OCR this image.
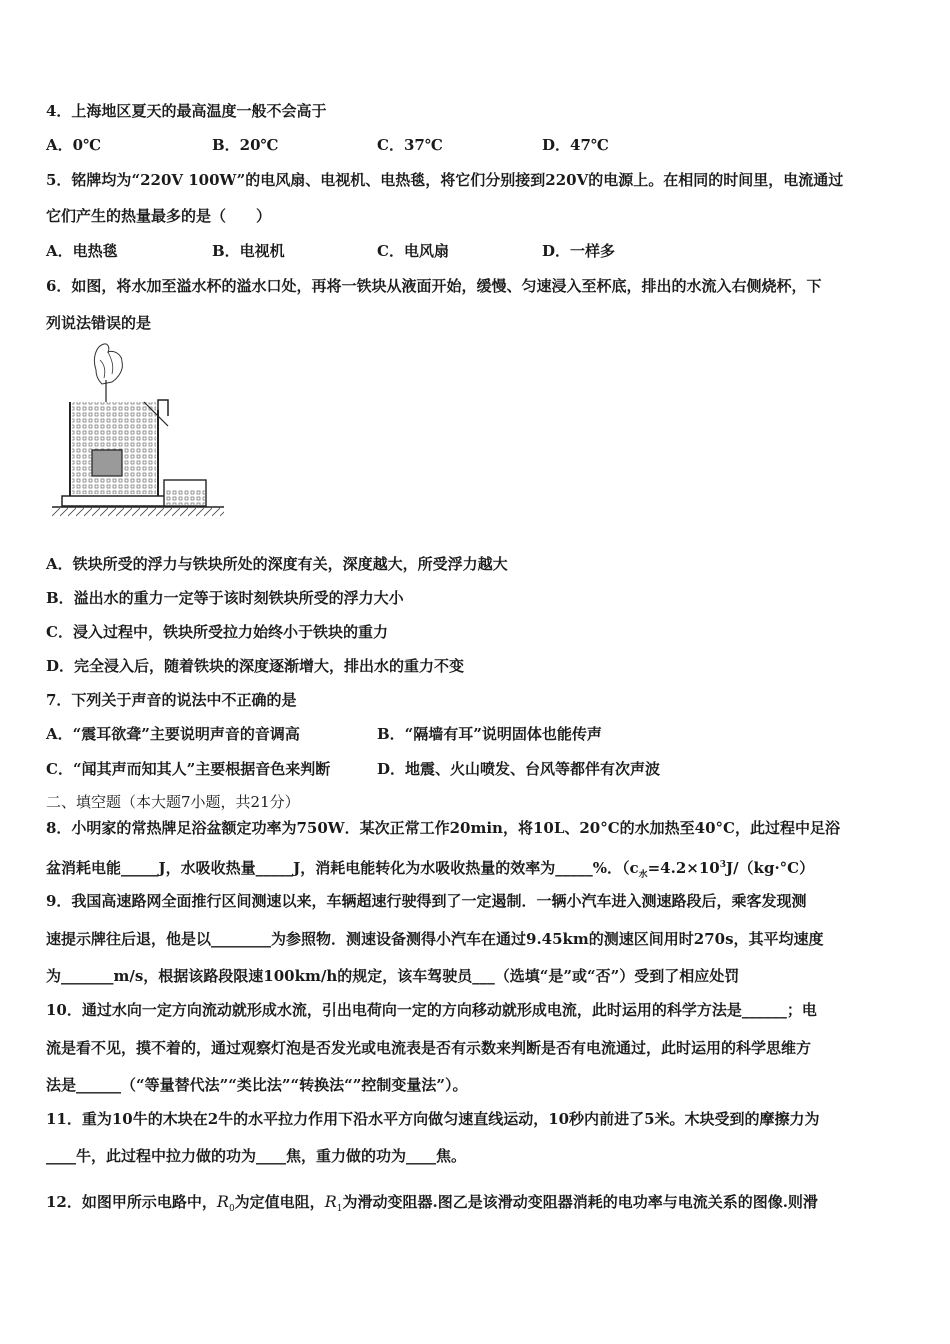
4．上海地区夏天的最高温度一般不会高于
A．0℃	B．20℃	C．37℃	D．47℃
5．铭牌均为“220V 100W”的电风扇、电视机、电热毯，将它们分别接到220V的电源上。在相同的时间里，电流通过
它们产生的热量最多的是（　　）
A．电热毯	B．电视机	C．电风扇	D．一样多
6．如图，将水加至溢水杯的溢水口处，再将一铁块从液面开始，缓慢、匀速浸入至杯底，排出的水流入右侧烧杯，下
列说法错误的是
A．铁块所受的浮力与铁块所处的深度有关，深度越大，所受浮力越大
B．溢出水的重力一定等于该时刻铁块所受的浮力大小
C．浸入过程中，铁块所受拉力始终小于铁块的重力
D．完全浸入后，随着铁块的深度逐渐增大，排出水的重力不变
7．下列关于声音的说法中不正确的是
A．“震耳欲聋”主要说明声音的音调高	B．“隔墙有耳”说明固体也能传声
C．“闻其声而知其人”主要根据音色来判断	D．地震、火山喷发、台风等都伴有次声波
二、填空题（本大题7小题，共21分）
8．小明家的常热牌足浴盆额定功率为750W．某次正常工作20min，将10L、20°C的水加热至40°C，此过程中足浴
盆消耗电能_____J，水吸收热量_____J，消耗电能转化为水吸收热量的效率为_____%．（$c_水=4.2\times 10^3J/(kg\cdot^\circ C)$
9．我国高速路网全面推行区间测速以来，车辆超速行驶得到了一定遏制．一辆小汽车进入测速路段后，乘客发现测
速提示牌往后退，他是以________为参照物．测速设备测得小汽车在通过9.45km的测速区间用时270s，其平均速度
为_______m/s，根据该路段限速100km/h的规定，该车驾驶员___（选填“是”或“否”）受到了相应处罚
10．通过水向一定方向流动就形成水流，引出电荷向一定的方向移动就形成电流，此时运用的科学方法是______；电
流是看不见，摸不着的，通过观察灯泡是否发光或电流表是否有示数来判断是否有电流通过，此时运用的科学思维方
法是______（“等量替代法”“类比法”“转换法“”控制变量法”）。
11．重为10牛的木块在2牛的水平拉力作用下沿水平方向做匀速直线运动，10秒内前进了5米。木块受到的摩擦力为
____牛，此过程中拉力做的功为____焦，重力做的功为____焦。
12．如图甲所示电路中，$R_0$为定值电阻，$R_1$为滑动变阻器.图乙是该滑动变阻器消耗的电功率与电流关系的图像.则滑
